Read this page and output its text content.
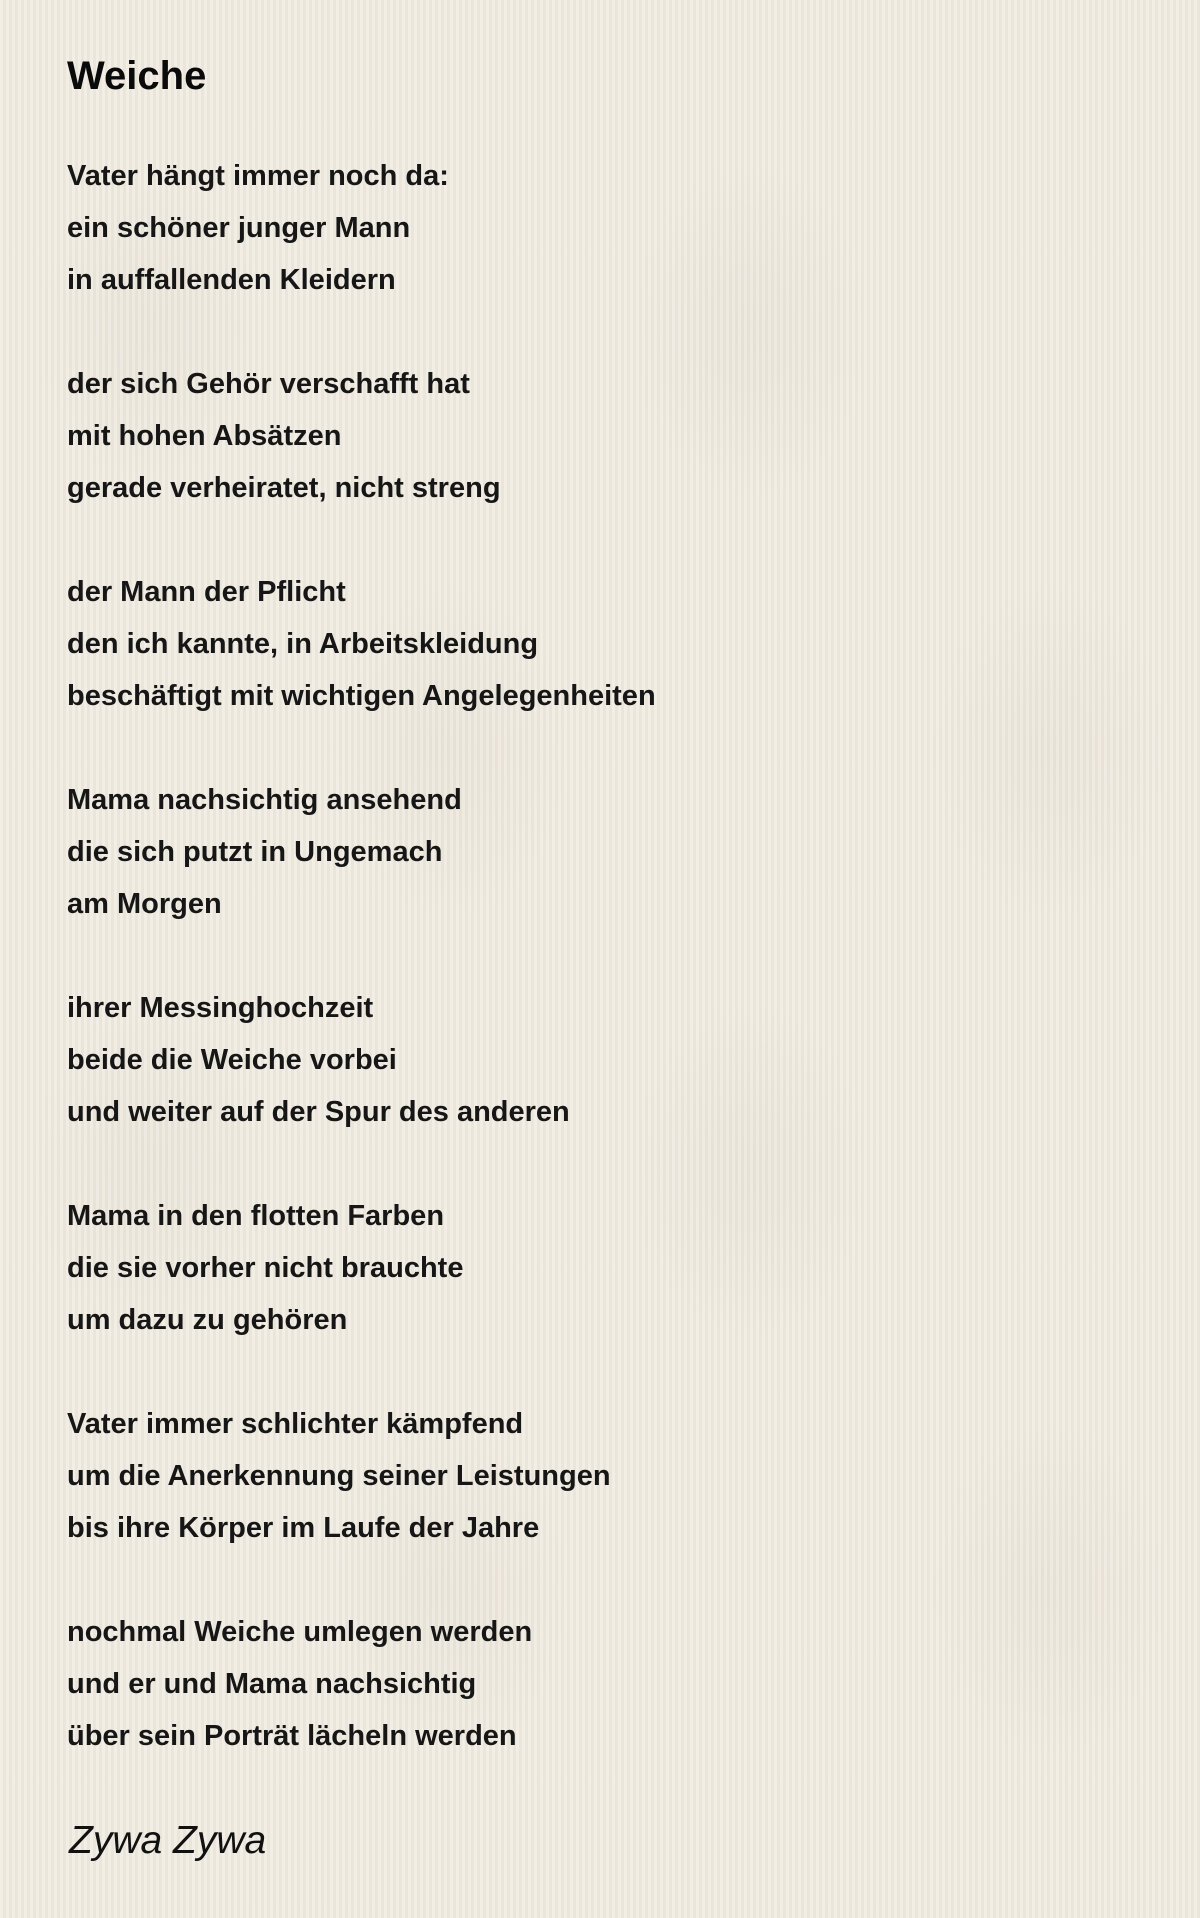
Weiche
Vater hängt immer noch da:
ein schöner junger Mann
in auffallenden Kleidern
der sich Gehör verschafft hat
mit hohen Absätzen
gerade verheiratet, nicht streng
der Mann der Pflicht
den ich kannte, in Arbeitskleidung
beschäftigt mit wichtigen Angelegenheiten
Mama nachsichtig ansehend
die sich putzt in Ungemach
am Morgen
ihrer Messinghochzeit
beide die Weiche vorbei
und weiter auf der Spur des anderen
Mama in den flotten Farben
die sie vorher nicht brauchte
um dazu zu gehören
Vater immer schlichter kämpfend
um die Anerkennung seiner Leistungen
bis ihre Körper im Laufe der Jahre
nochmal Weiche umlegen werden
und er und Mama nachsichtig
über sein Porträt lächeln werden
Zywa Zywa
